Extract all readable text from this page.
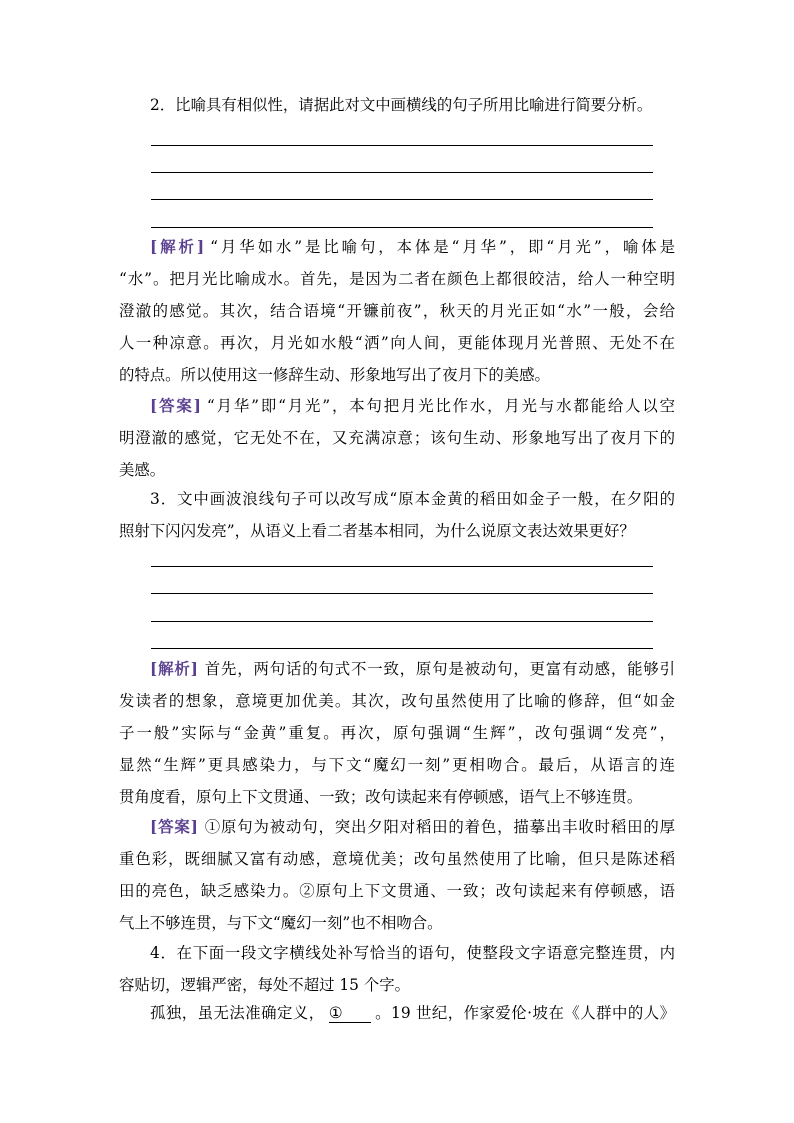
2．比喻具有相似性，请据此对文中画横线的句子所用比喻进行简要分析。
[解析] “月华如水”是比喻句，本体是“月华”，即“月光”，喻体是
“水”。把月光比喻成水。首先，是因为二者在颜色上都很皎洁，给人一种空明
澄澈的感觉。其次，结合语境“开镰前夜”，秋天的月光正如“水”一般，会给
人一种凉意。再次，月光如水般“洒”向人间，更能体现月光普照、无处不在
的特点。所以使用这一修辞生动、形象地写出了夜月下的美感。
[答案] “月华”即“月光”，本句把月光比作水，月光与水都能给人以空
明澄澈的感觉，它无处不在，又充满凉意；该句生动、形象地写出了夜月下的
美感。
3．文中画波浪线句子可以改写成“原本金黄的稻田如金子一般，在夕阳的
照射下闪闪发亮”，从语义上看二者基本相同，为什么说原文表达效果更好？
[解析] 首先，两句话的句式不一致，原句是被动句，更富有动感，能够引
发读者的想象，意境更加优美。其次，改句虽然使用了比喻的修辞，但“如金
子一般”实际与“金黄”重复。再次，原句强调“生辉”，改句强调“发亮”，
显然“生辉”更具感染力，与下文“魔幻一刻”更相吻合。最后，从语言的连
贯角度看，原句上下文贯通、一致；改句读起来有停顿感，语气上不够连贯。
[答案] ①原句为被动句，突出夕阳对稻田的着色，描摹出丰收时稻田的厚
重色彩，既细腻又富有动感，意境优美；改句虽然使用了比喻，但只是陈述稻
田的亮色，缺乏感染力。②原句上下文贯通、一致；改句读起来有停顿感，语
气上不够连贯，与下文“魔幻一刻”也不相吻合。
4．在下面一段文字横线处补写恰当的语句，使整段文字语意完整连贯，内
容贴切，逻辑严密，每处不超过 15 个字。
孤独，虽无法准确定义， ① 。19 世纪，作家爱伦·坡在《人群中的人》
